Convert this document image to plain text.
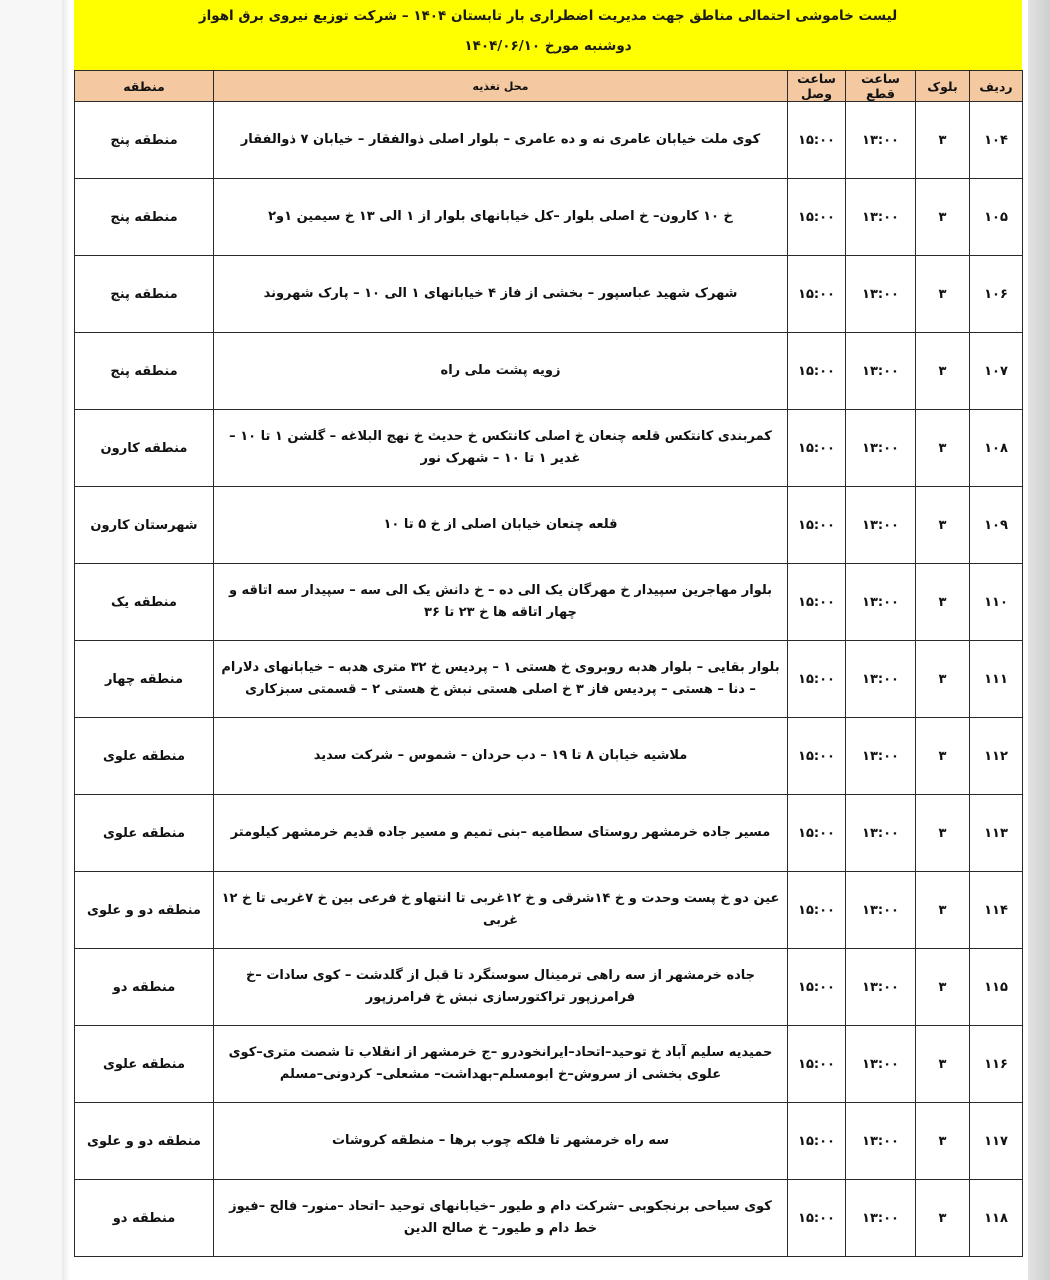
لیست خاموشی احتمالی مناطق جهت مدیریت اضطراری بار تابستان ۱۴۰۴ – شرکت توزیع نیروی برق اهواز
دوشنبه مورخ ۱۴۰۴/۰۶/۱۰
ردیف	بلوک	ساعت قطع	ساعت وصل	محل تغذیه	منطقه
۱۰۴	۳	۱۳:۰۰	۱۵:۰۰	کوی ملت خیابان عامری نه و ده عامری – بلوار اصلی ذوالفقار – خیابان ۷ ذوالفقار	منطقه پنج
۱۰۵	۳	۱۳:۰۰	۱۵:۰۰	خ ۱۰ کارون– خ اصلی بلوار –کل خیابانهای بلوار از ۱ الی ۱۳ خ سیمین ۱و۲	منطقه پنج
۱۰۶	۳	۱۳:۰۰	۱۵:۰۰	شهرک شهید عباسپور – بخشی از فاز ۴ خیابانهای ۱ الی ۱۰ – پارک شهروند	منطقه پنج
۱۰۷	۳	۱۳:۰۰	۱۵:۰۰	زویه پشت ملی راه	منطقه پنج
۱۰۸	۳	۱۳:۰۰	۱۵:۰۰	کمربندی کانتکس قلعه چنعان خ اصلی کانتکس خ حدیث خ نهج البلاغه – گلشن ۱ تا ۱۰ – غدیر ۱ تا ۱۰ – شهرک نور	منطقه کارون
۱۰۹	۳	۱۳:۰۰	۱۵:۰۰	قلعه چنعان خیابان اصلی از خ ۵ تا ۱۰	شهرستان کارون
۱۱۰	۳	۱۳:۰۰	۱۵:۰۰	بلوار مهاجرین سپیدار خ مهرگان یک الی ده – خ دانش یک الی سه – سپیدار سه اتاقه و چهار اتاقه ها خ ۲۳ تا ۳۶	منطقه یک
۱۱۱	۳	۱۳:۰۰	۱۵:۰۰	بلوار بقایی – بلوار هدبه روبروی خ هستی ۱ – پردیس خ ۳۲ متری هدبه – خیابانهای دلارام – دنا – هستی – پردیس فاز ۳ خ اصلی هستی نبش خ هستی ۲ – قسمتی سبزکاری	منطقه چهار
۱۱۲	۳	۱۳:۰۰	۱۵:۰۰	ملاشیه خیابان ۸ تا ۱۹ – دب حردان – شموس – شرکت سدید	منطقه علوی
۱۱۳	۳	۱۳:۰۰	۱۵:۰۰	مسیر جاده خرمشهر روستای سطامیه –بنی تمیم و مسیر جاده قدیم خرمشهر کیلومتر	منطقه علوی
۱۱۴	۳	۱۳:۰۰	۱۵:۰۰	عین دو خ پست وحدت و خ ۱۴شرقی و خ ۱۲غربی تا انتهاو خ فرعی بین خ ۷غربی تا خ ۱۲ غربی	منطقه دو و علوی
۱۱۵	۳	۱۳:۰۰	۱۵:۰۰	جاده خرمشهر از سه راهی ترمینال سوسنگرد تا قبل از گلدشت – کوی سادات –خ فرامرزپور تراکتورسازی نبش خ فرامرزپور	منطقه دو
۱۱۶	۳	۱۳:۰۰	۱۵:۰۰	حمیدیه سلیم آباد خ توحید–اتحاد–ایرانخودرو –ج خرمشهر از انقلاب تا شصت متری–کوی علوی بخشی از سروش–خ ابومسلم–بهداشت– مشعلی– کردونی–مسلم	منطقه علوی
۱۱۷	۳	۱۳:۰۰	۱۵:۰۰	سه راه خرمشهر تا فلکه چوب برها – منطقه کروشات	منطقه دو و علوی
۱۱۸	۳	۱۳:۰۰	۱۵:۰۰	کوی سیاحی برنجکوبی –شرکت دام و طیور –خیابانهای توحید –اتحاد –منور– فالح –فیوز خط دام و طیور– خ صالح الدین	منطقه دو
